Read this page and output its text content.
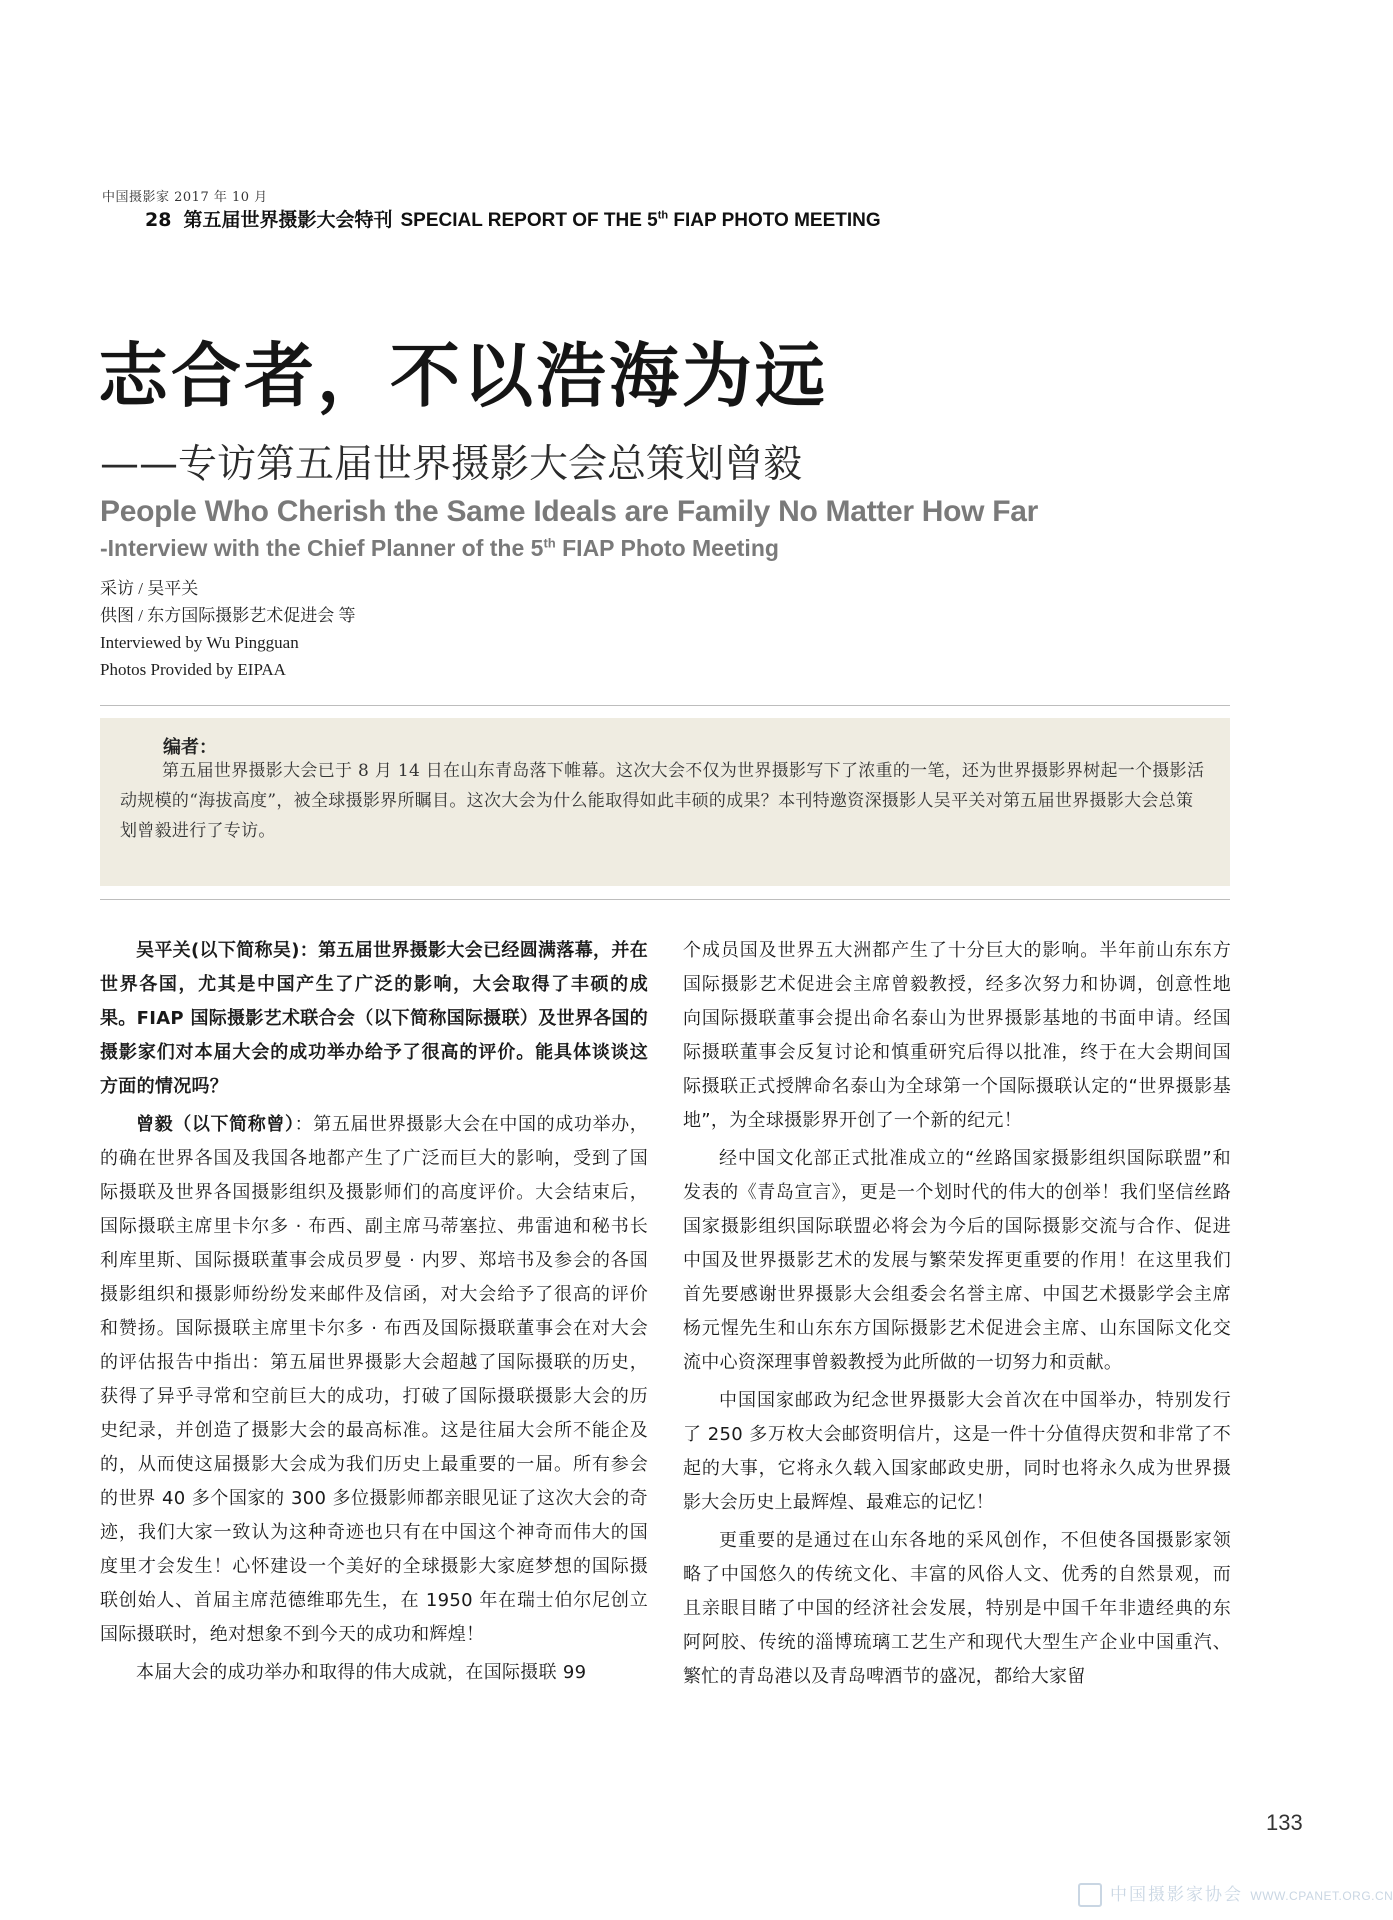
中国摄影家 2017 年 10 月
28 第五届世界摄影大会特刊 SPECIAL REPORT OF THE 5th FIAP PHOTO MEETING
志合者，不以浩海为远
——专访第五届世界摄影大会总策划曾毅
People Who Cherish the Same Ideals are Family No Matter How Far
-Interview with the Chief Planner of the 5th FIAP Photo Meeting
采访 / 吴平关
供图 / 东方国际摄影艺术促进会 等
Interviewed by Wu Pingguan
Photos Provided by EIPAA
编者：
第五届世界摄影大会已于 8 月 14 日在山东青岛落下帷幕。这次大会不仅为世界摄影写下了浓重的一笔，还为世界摄影界树起一个摄影活动规模的“海拔高度”，被全球摄影界所瞩目。这次大会为什么能取得如此丰硕的成果？本刊特邀资深摄影人吴平关对第五届世界摄影大会总策划曾毅进行了专访。

吴平关(以下简称吴)：第五届世界摄影大会已经圆满落幕，并在世界各国，尤其是中国产生了广泛的影响，大会取得了丰硕的成果。FIAP 国际摄影艺术联合会（以下简称国际摄联）及世界各国的摄影家们对本届大会的成功举办给予了很高的评价。能具体谈谈这方面的情况吗？

曾毅（以下简称曾）：第五届世界摄影大会在中国的成功举办，的确在世界各国及我国各地都产生了广泛而巨大的影响，受到了国际摄联及世界各国摄影组织及摄影师们的高度评价。大会结束后，国际摄联主席里卡尔多 · 布西、副主席马蒂塞拉、弗雷迪和秘书长利库里斯、国际摄联董事会成员罗曼 · 内罗、郑培书及参会的各国摄影组织和摄影师纷纷发来邮件及信函，对大会给予了很高的评价和赞扬。国际摄联主席里卡尔多 · 布西及国际摄联董事会在对大会的评估报告中指出：第五届世界摄影大会超越了国际摄联的历史，获得了异乎寻常和空前巨大的成功，打破了国际摄联摄影大会的历史纪录，并创造了摄影大会的最高标准。这是往届大会所不能企及的，从而使这届摄影大会成为我们历史上最重要的一届。所有参会的世界 40 多个国家的 300 多位摄影师都亲眼见证了这次大会的奇迹，我们大家一致认为这种奇迹也只有在中国这个神奇而伟大的国度里才会发生！心怀建设一个美好的全球摄影大家庭梦想的国际摄联创始人、首届主席范德维耶先生，在 1950 年在瑞士伯尔尼创立国际摄联时，绝对想象不到今天的成功和辉煌！

本届大会的成功举办和取得的伟大成就，在国际摄联 99

个成员国及世界五大洲都产生了十分巨大的影响。半年前山东东方国际摄影艺术促进会主席曾毅教授，经多次努力和协调，创意性地向国际摄联董事会提出命名泰山为世界摄影基地的书面申请。经国际摄联董事会反复讨论和慎重研究后得以批准，终于在大会期间国际摄联正式授牌命名泰山为全球第一个国际摄联认定的“世界摄影基地”，为全球摄影界开创了一个新的纪元！

经中国文化部正式批准成立的“丝路国家摄影组织国际联盟”和发表的《青岛宣言》，更是一个划时代的伟大的创举！我们坚信丝路国家摄影组织国际联盟必将会为今后的国际摄影交流与合作、促进中国及世界摄影艺术的发展与繁荣发挥更重要的作用！在这里我们首先要感谢世界摄影大会组委会名誉主席、中国艺术摄影学会主席杨元惺先生和山东东方国际摄影艺术促进会主席、山东国际文化交流中心资深理事曾毅教授为此所做的一切努力和贡献。

中国国家邮政为纪念世界摄影大会首次在中国举办，特别发行了 250 多万枚大会邮资明信片，这是一件十分值得庆贺和非常了不起的大事，它将永久载入国家邮政史册，同时也将永久成为世界摄影大会历史上最辉煌、最难忘的记忆！

更重要的是通过在山东各地的采风创作，不但使各国摄影家领略了中国悠久的传统文化、丰富的风俗人文、优秀的自然景观，而且亲眼目睹了中国的经济社会发展，特别是中国千年非遗经典的东阿阿胶、传统的淄博琉璃工艺生产和现代大型生产企业中国重汽、繁忙的青岛港以及青岛啤酒节的盛况，都给大家留

133
中国摄影家协会 WWW.CPANET.ORG.CN
